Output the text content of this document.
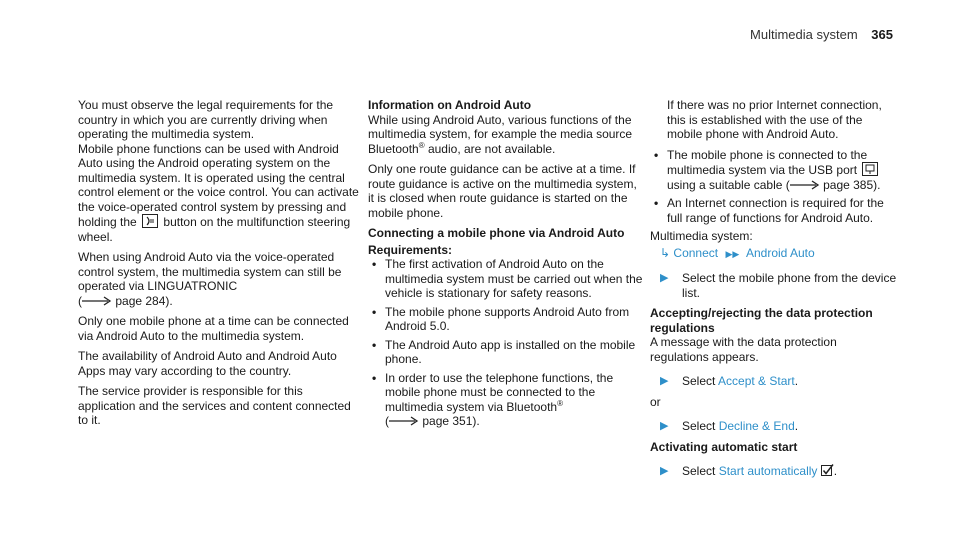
Multimedia system 365

You must observe the legal requirements for the country in which you are currently driving when operating the multimedia system.

Mobile phone functions can be used with Android Auto using the Android operating system on the multimedia system. It is operated using the central control element or the voice control. You can activate the voice-operated control system by pressing and holding the button on the multifunction steering wheel.

When using Android Auto via the voice-operated control system, the multimedia system can still be operated via LINGUATRONIC
(	page 284).

Only one mobile phone at a time can be connected via Android Auto to the multimedia system.

The availability of Android Auto and Android Auto Apps may vary according to the country.

The service provider is responsible for this application and the services and content connected to it.

Information on Android Auto

While using Android Auto, various functions of the multimedia system, for example the media source Bluetooth® audio, are not available.

Only one route guidance can be active at a time. If route guidance is active on the multimedia system, it is closed when route guidance is started on the mobile phone.

Connecting a mobile phone via Android Auto

Requirements:

• The first activation of Android Auto on the multimedia system must be carried out when the vehicle is stationary for safety reasons.
• The mobile phone supports Android Auto from Android 5.0.
• The Android Auto app is installed on the mobile phone.
• In order to use the telephone functions, the mobile phone must be connected to the multimedia system via Bluetooth®
(	page 351).

If there was no prior Internet connection, this is established with the use of the mobile phone with Android Auto.

• The mobile phone is connected to the multimedia system via the USB port
using a suitable cable (	page 385).
• An Internet connection is required for the full range of functions for Android Auto.

Multimedia system:

↳ Connect ▶▶ Android Auto
▶ Select the mobile phone from the device list.

Accepting/rejecting the data protection regulations

A message with the data protection regulations appears.

▶ Select Accept & Start.

or

▶ Select Decline & End.

Activating automatic start

▶ Select Start automatically .
